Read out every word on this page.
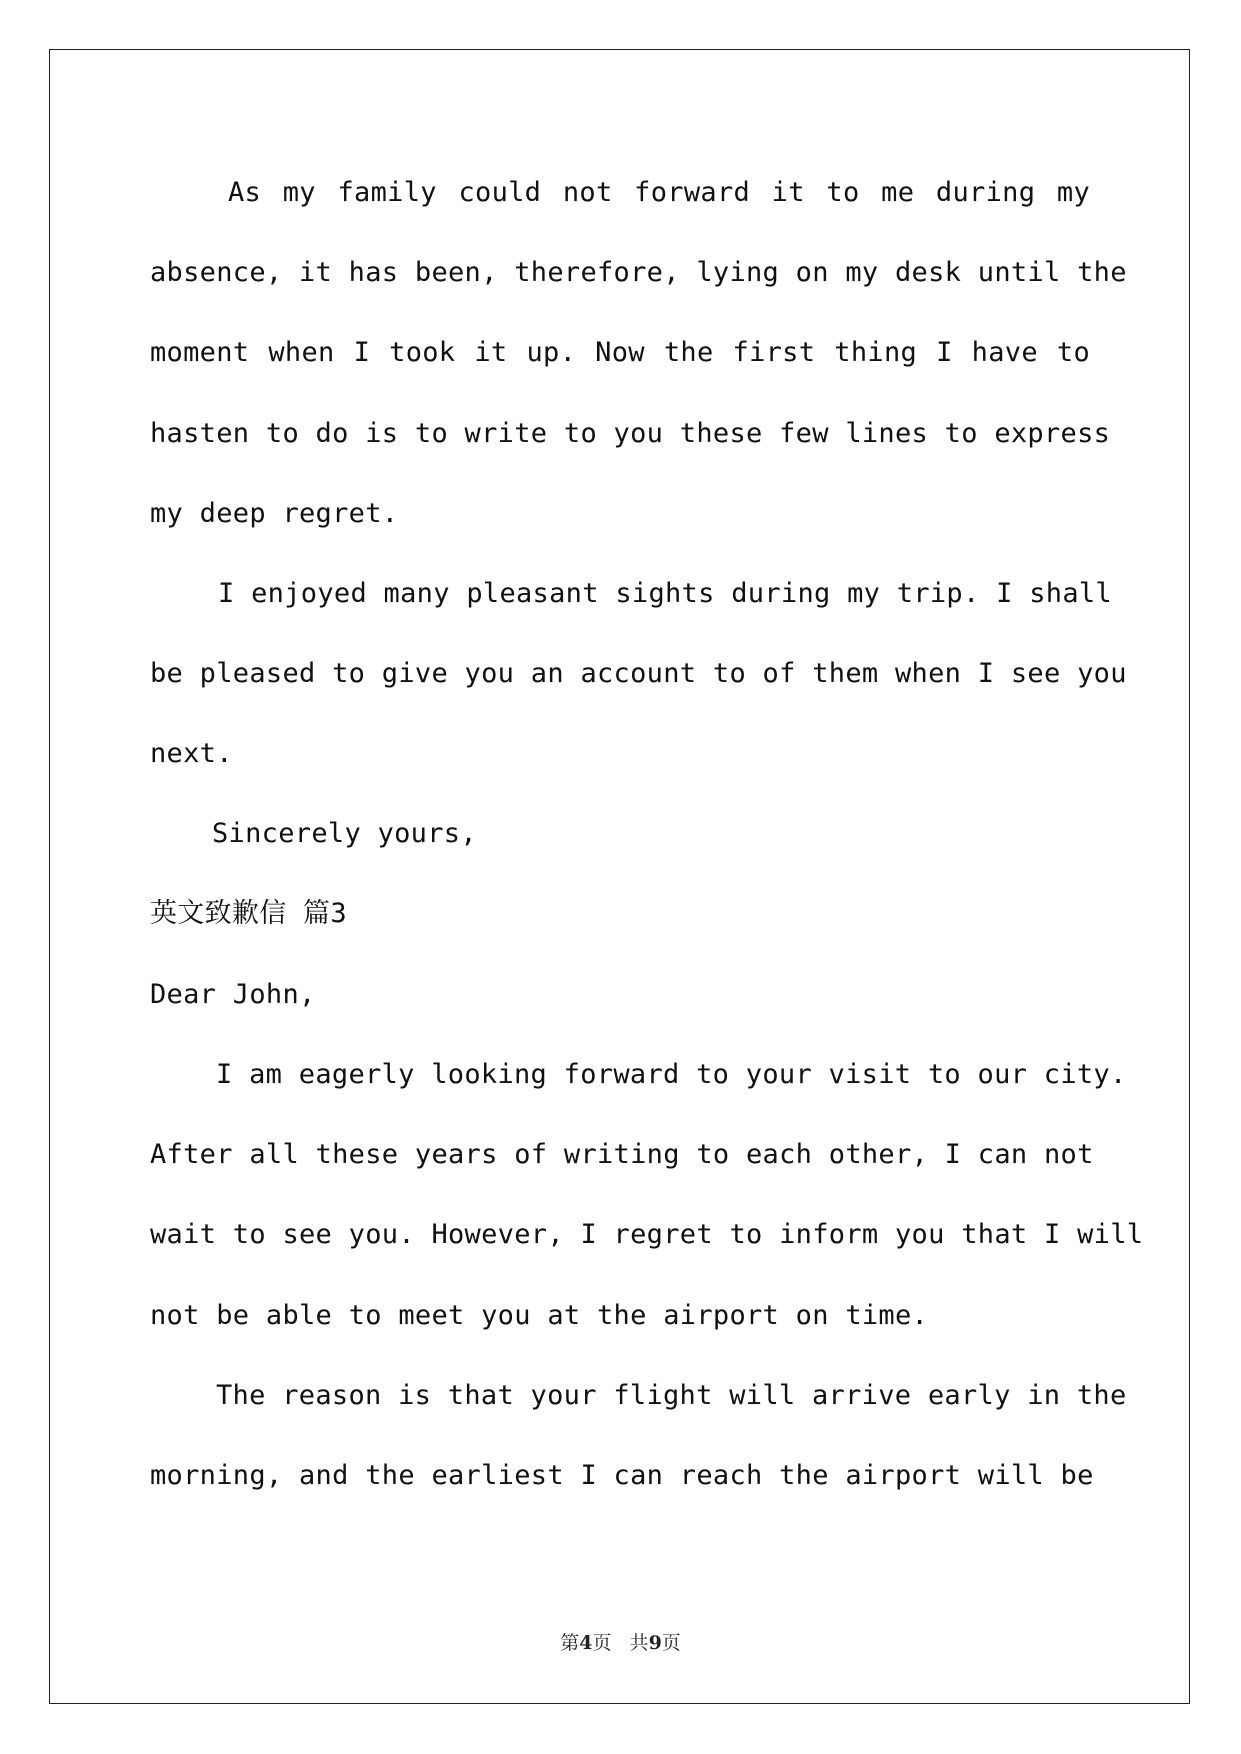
As my family could not forward it to me during my
absence, it has been, therefore, lying on my desk until the
moment when I took it up. Now the first thing I have to
hasten to do is to write to you these few lines to express
my deep regret.
I enjoyed many pleasant sights during my trip. I shall
be pleased to give you an account to of them when I see you
next.
Sincerely yours,
英文致歉信 篇3
Dear John,
I am eagerly looking forward to your visit to our city.
After all these years of writing to each other, I can not
wait to see you. However, I regret to inform you that I will
not be able to meet you at the airport on time.
The reason is that your flight will arrive early in the
morning, and the earliest I can reach the airport will be
第4页   共9页
